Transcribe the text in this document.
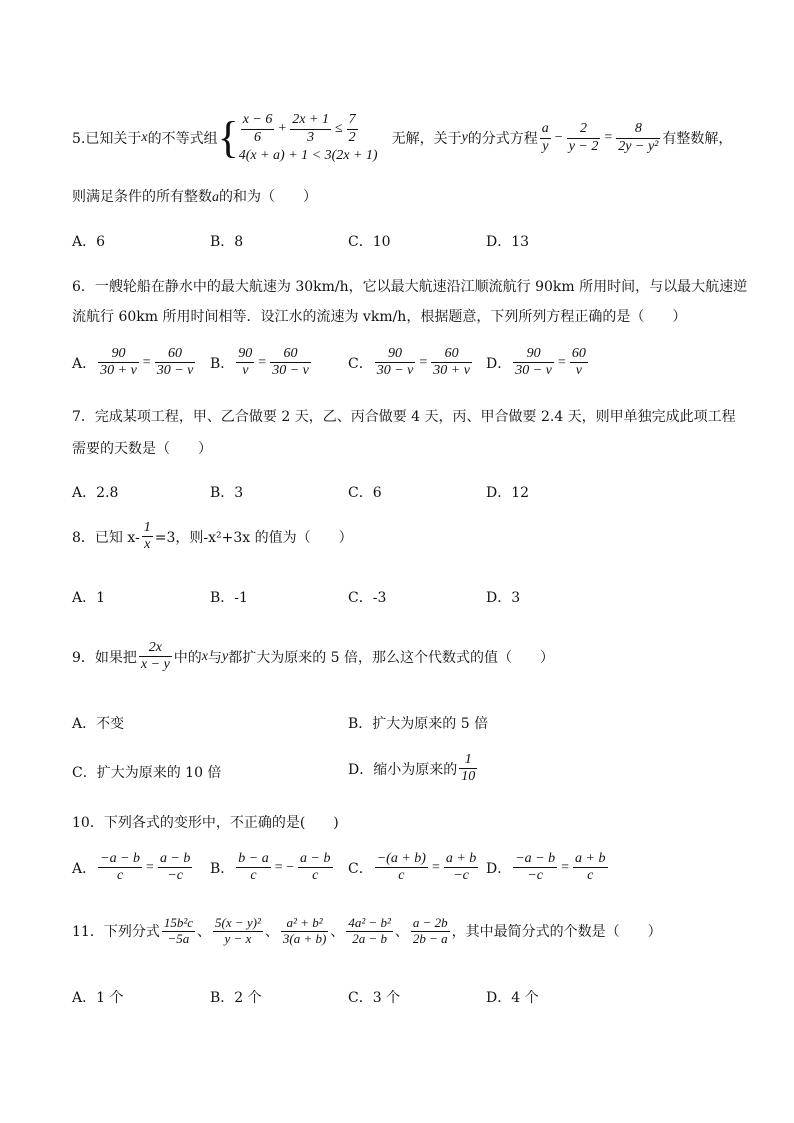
5.已知关于 x 的不等式组 { $\frac{x - 6}{6} + \frac{2x + 1}{3} \le \frac{7}{2}$
4(x + a) + 1 < 3(2x + 1)
无解，关于 y 的分式方程 $\frac{a}{y} - \frac{2}{y - 2} = \frac{8}{\text{2y − y²}}$ 有整数解，
则满足条件的所有整数a的和为（　　）
A．6	B．8	C．10	D．13
6．一艘轮船在静水中的最大航速为 30km/h，它以最大航速沿江顺流航行 90km 所用时间，与以最大航速逆
流航行 60km 所用时间相等．设江水的流速为 vkm/h，根据题意，下列所列方程正确的是（　　）
A． $\frac{90}{30 + v} = \frac{60}{30 - v}$ B． $\frac{90}{v} = \frac{60}{30 - v}$	C． $\frac{90}{30 - v} = \frac{60}{30 + v}$ D． $\frac{90}{30 - v} = \frac{60}{v}$
7．完成某项工程，甲、乙合做要 2 天，乙、丙合做要 4 天，丙、甲合做要 2.4 天，则甲单独完成此项工程
需要的天数是（　　）
A．2.8	B．3	C．6	D．12
8．已知 $x- \frac{1}{x} =3$，则-x²+3x 的值为（　　）
A．1	B．-1	C．-3	D．3
9．如果把 $\frac{2x}{x - y}$ 中的 x 与 y 都扩大为原来的 5 倍，那么这个代数式的值（　　）
A．不变	B．扩大为原来的 5 倍
C．扩大为原来的 10 倍	D．缩小为原来的 $\frac{1}{10}$
10．下列各式的变形中，不正确的是(　　)
A． $\frac{-a - b}{c} = \frac{a - b}{-c}$ B． $\frac{b - a}{c}$ = − $\frac{a - b}{c}$ C． $\frac{-(a + b)}{c} = \frac{a + b}{-c}$ D． $\frac{-a - b}{-c} = \frac{a + b}{c}$
11．下列分式 $\frac{\text{15b²c}}{-5a}$ 、 $\frac{\text{5(x − y)²}}{y - x}$ 、 $\frac{\text{a² + b²}}{3(a + b)}$ 、 $\frac{\text{4a² − b²}}{2a - b}$ 、 $\frac{a - 2b}{2b - a}$ ，其中最简分式的个数是（　　）
A．1 个	B．2 个	C．3 个	D．4 个
